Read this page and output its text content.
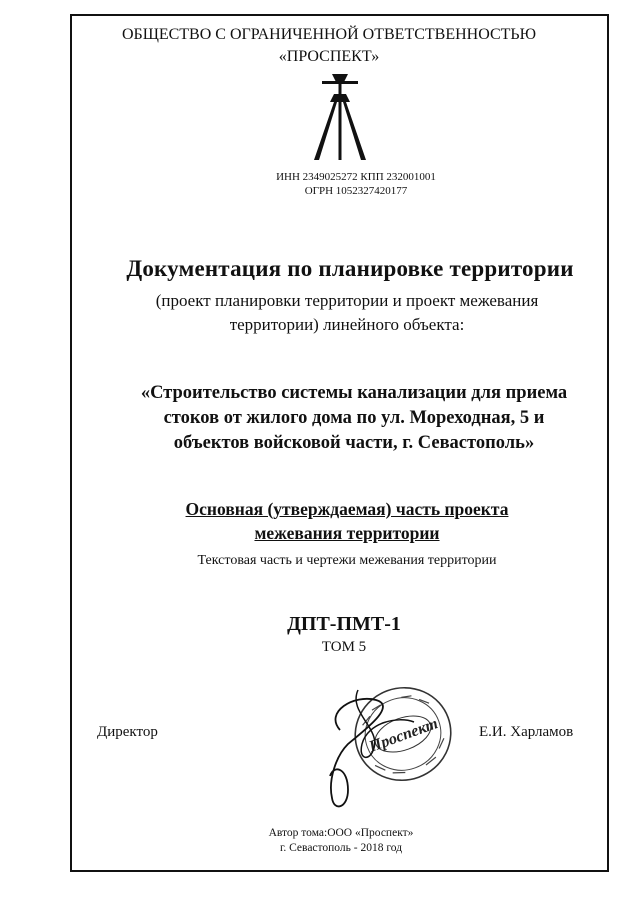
ОБЩЕСТВО С ОГРАНИЧЕННОЙ ОТВЕТСТВЕННОСТЬЮ
«ПРОСПЕКТ»
ИНН 2349025272 КПП 232001001
ОГРН 1052327420177
Документация по планировке территории
(проект планировки территории и проект межевания
территории) линейного объекта:
«Строительство системы канализации для приема
стоков от жилого дома по ул. Мореходная, 5 и
объектов войсковой части, г. Севастополь»
Основная (утверждаемая) часть проекта
межевания территории
Текстовая часть и чертежи межевания территории
ДПТ-ПМТ-1
ТОМ 5
Директор	Е.И. Харламов
Проспект
Автор тома:ООО «Проспект»
г. Севастополь - 2018 год
